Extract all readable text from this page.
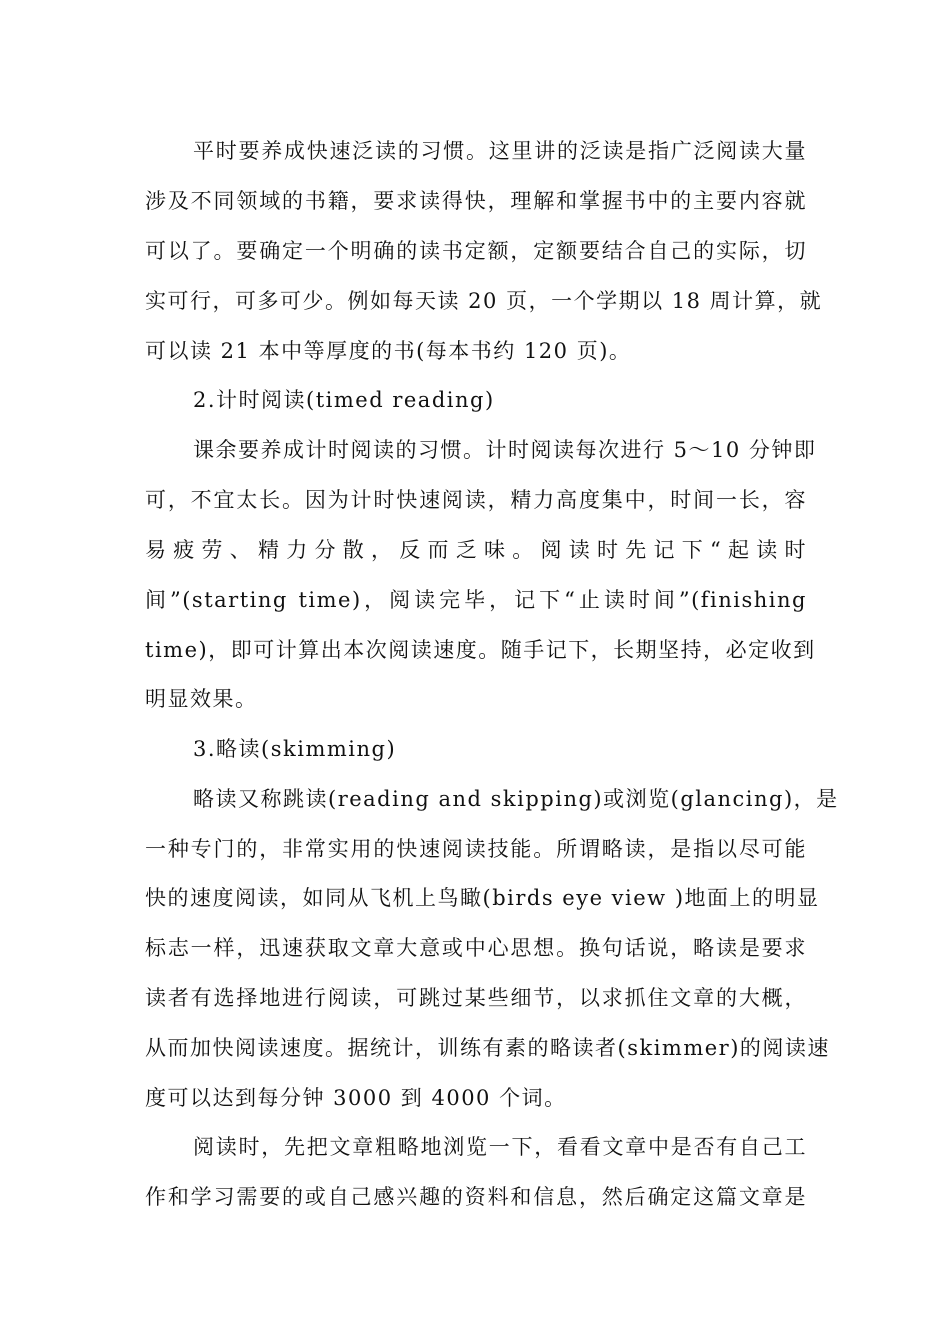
平时要养成快速泛读的习惯。这里讲的泛读是指广泛阅读大量
涉及不同领域的书籍，要求读得快，理解和掌握书中的主要内容就
可以了。要确定一个明确的读书定额，定额要结合自己的实际，切
实可行，可多可少。例如每天读 20 页，一个学期以 18 周计算，就
可以读 21 本中等厚度的书(每本书约 120 页)。
2.计时阅读(timed reading)
课余要养成计时阅读的习惯。计时阅读每次进行 5～10 分钟即
可，不宜太长。因为计时快速阅读，精力高度集中，时间一长，容
易疲劳、精力分散，反而乏味。阅读时先记下“起读时
间”(starting time)，阅读完毕，记下“止读时间”(finishing
time)，即可计算出本次阅读速度。随手记下，长期坚持，必定收到
明显效果。
3.略读(skimming)
略读又称跳读(reading and skipping)或浏览(glancing)，是
一种专门的，非常实用的快速阅读技能。所谓略读，是指以尽可能
快的速度阅读，如同从飞机上鸟瞰(birds eye view )地面上的明显
标志一样，迅速获取文章大意或中心思想。换句话说，略读是要求
读者有选择地进行阅读，可跳过某些细节，以求抓住文章的大概，
从而加快阅读速度。据统计，训练有素的略读者(skimmer)的阅读速
度可以达到每分钟 3000 到 4000 个词。
阅读时，先把文章粗略地浏览一下，看看文章中是否有自己工
作和学习需要的或自己感兴趣的资料和信息，然后确定这篇文章是
